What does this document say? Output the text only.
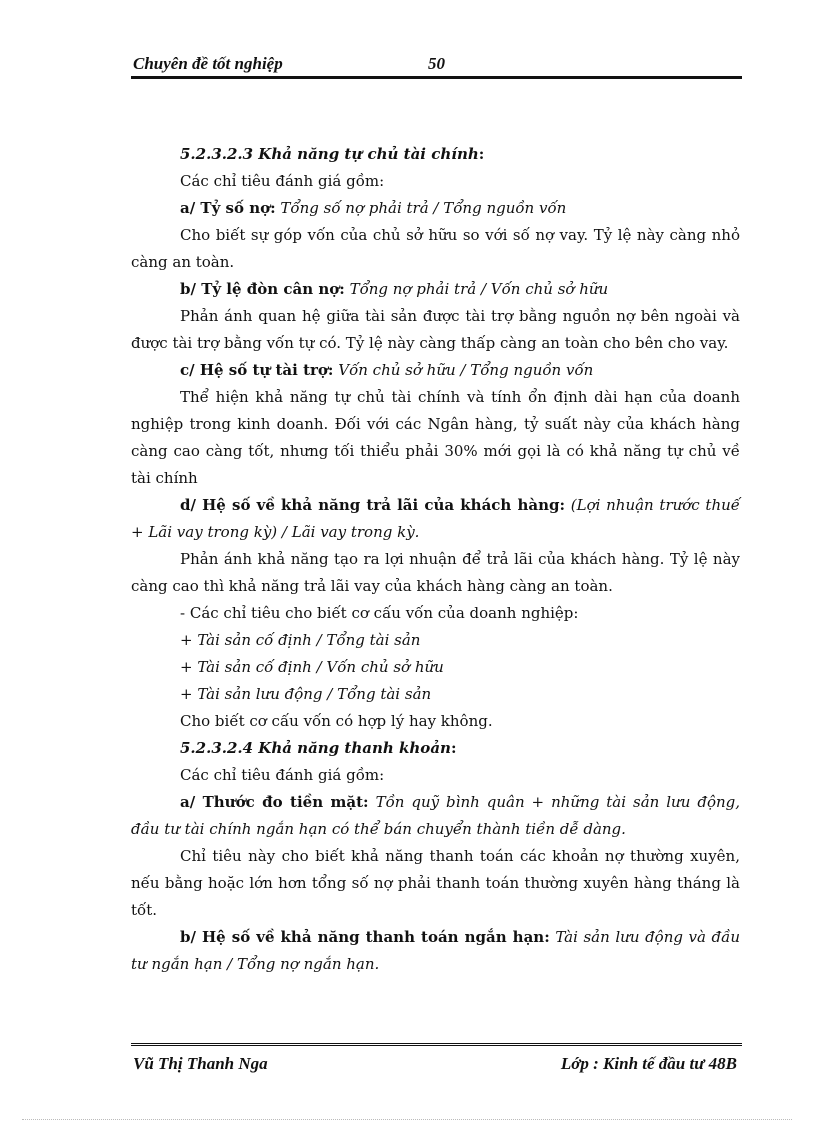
Chuyên đề tốt nghiệp	50

5.2.3.2.3 Khả năng tự chủ tài chính:

Các chỉ tiêu đánh giá gồm:

a/ Tỷ số nợ: Tổng số nợ phải trả / Tổng nguồn vốn

Cho biết sự góp vốn của chủ sở hữu so với số nợ vay. Tỷ lệ này càng nhỏ càng an toàn.

b/ Tỷ lệ đòn cân nợ: Tổng nợ phải trả / Vốn chủ sở hữu

Phản ánh quan hệ giữa tài sản được tài trợ bằng nguồn nợ bên ngoài và được tài trợ bằng vốn tự có. Tỷ lệ này càng thấp càng an toàn cho bên cho vay.

c/ Hệ số tự tài trợ: Vốn chủ sở hữu / Tổng nguồn vốn

Thể hiện khả năng tự chủ tài chính và tính ổn định dài hạn của doanh nghiệp trong kinh doanh. Đối với các Ngân hàng, tỷ suất này của khách hàng càng cao càng tốt, nhưng tối thiểu phải 30% mới gọi là có khả năng tự chủ về tài chính

d/ Hệ số về khả năng trả lãi của khách hàng: (Lợi nhuận trước thuế + Lãi vay trong kỳ) / Lãi vay trong kỳ.

Phản ánh khả năng tạo ra lợi nhuận để trả lãi của khách hàng. Tỷ lệ này càng cao thì khả năng trả lãi vay của khách hàng càng an toàn.

- Các chỉ tiêu cho biết cơ cấu vốn của doanh nghiệp:

+ Tài sản cố định / Tổng tài sản

+ Tài sản cố định / Vốn chủ sở hữu

+ Tài sản lưu động / Tổng tài sản

Cho biết cơ cấu vốn có hợp lý hay không.

5.2.3.2.4 Khả năng thanh khoản:

Các chỉ tiêu đánh giá gồm:

a/ Thước đo tiền mặt: Tồn quỹ bình quân + những tài sản lưu động, đầu tư tài chính ngắn hạn có thể bán chuyển thành tiền dễ dàng.

Chỉ tiêu này cho biết khả năng thanh toán các khoản nợ thường xuyên, nếu bằng hoặc lớn hơn tổng số nợ phải thanh toán thường xuyên hàng tháng là tốt.

b/ Hệ số về khả năng thanh toán ngắn hạn: Tài sản lưu động và đầu tư ngắn hạn / Tổng nợ ngắn hạn.

Vũ Thị Thanh Nga	Lớp : Kinh tế đầu tư 48B
